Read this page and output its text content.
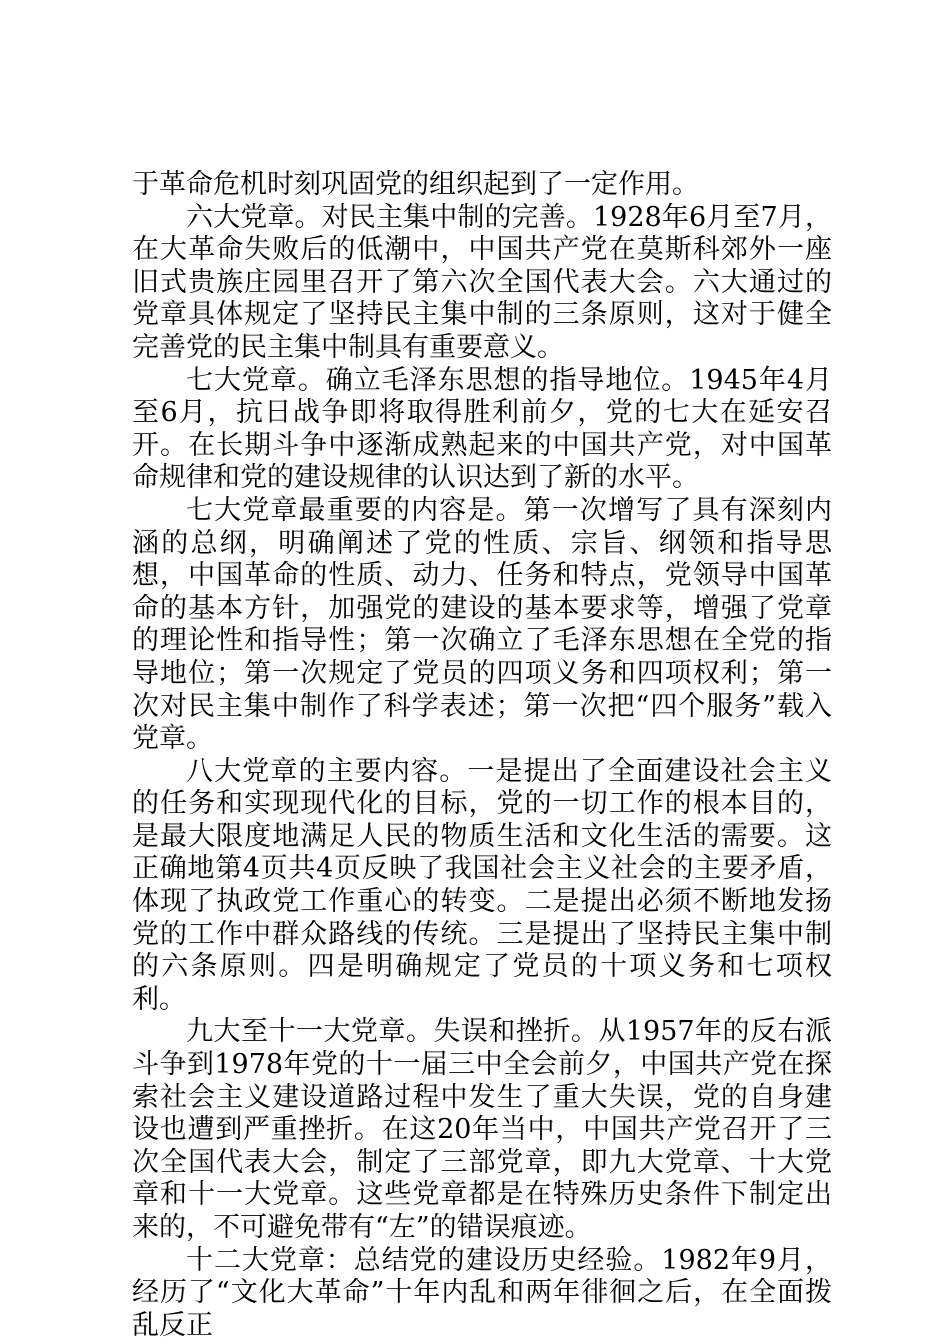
于革命危机时刻巩固党的组织起到了一定作用。

六大党章。对民主集中制的完善。1928年6月至7月，在大革命失败后的低潮中，中国共产党在莫斯科郊外一座旧式贵族庄园里召开了第六次全国代表大会。六大通过的党章具体规定了坚持民主集中制的三条原则，这对于健全完善党的民主集中制具有重要意义。

七大党章。确立毛泽东思想的指导地位。1945年4月至6月，抗日战争即将取得胜利前夕，党的七大在延安召开。在长期斗争中逐渐成熟起来的中国共产党，对中国革命规律和党的建设规律的认识达到了新的水平。

七大党章最重要的内容是。第一次增写了具有深刻内涵的总纲，明确阐述了党的性质、宗旨、纲领和指导思想，中国革命的性质、动力、任务和特点，党领导中国革命的基本方针，加强党的建设的基本要求等，增强了党章的理论性和指导性；第一次确立了毛泽东思想在全党的指导地位；第一次规定了党员的四项义务和四项权利；第一次对民主集中制作了科学表述；第一次把“四个服务”载入党章。

八大党章的主要内容。一是提出了全面建设社会主义的任务和实现现代化的目标，党的一切工作的根本目的，是最大限度地满足人民的物质生活和文化生活的需要。这正确地第4页共4页反映了我国社会主义社会的主要矛盾，体现了执政党工作重心的转变。二是提出必须不断地发扬党的工作中群众路线的传统。三是提出了坚持民主集中制的六条原则。四是明确规定了党员的十项义务和七项权利。

九大至十一大党章。失误和挫折。从1957年的反右派斗争到1978年党的十一届三中全会前夕，中国共产党在探索社会主义建设道路过程中发生了重大失误，党的自身建设也遭到严重挫折。在这20年当中，中国共产党召开了三次全国代表大会，制定了三部党章，即九大党章、十大党章和十一大党章。这些党章都是在特殊历史条件下制定出来的，不可避免带有“左”的错误痕迹。

十二大党章：总结党的建设历史经验。1982年9月，经历了“文化大革命”十年内乱和两年徘徊之后，在全面拨乱反正
